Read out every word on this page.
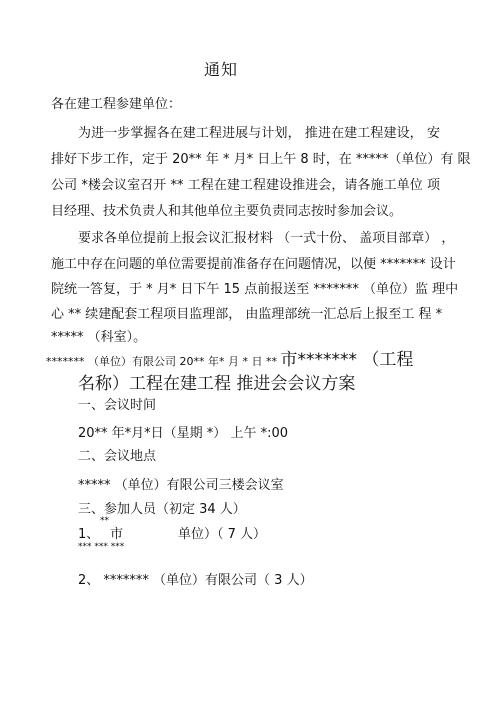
通知
各在建工程参建单位：
为进一步掌握各在建工程进展与计划， 推进在建工程建设， 安
排好下步工作，定于 20** 年 * 月* 日上午 8 时，在 *****（单位）有 限
公司 *楼会议室召开 ** 工程在建工程建设推进会，请各施工单位 项
目经理、技术负责人和其他单位主要负责同志按时参加会议。
要求各单位提前上报会议汇报材料 （一式十份、 盖项目部章） ，
施工中存在问题的单位需要提前准备存在问题情况，以便 ******* 设计
院统一答复，于 * 月* 日下午 15 点前报送至 ******* （单位）监 理中
心 ** 续建配套工程项目监理部， 由监理部统一汇总后上报至工 程 *
***** （科室）。
******* （单位）有限公司 20** 年* 月 * 日 ** 市******* （工程
名称）工程在建工程 推进会会议方案
一、会议时间
20** 年*月*日（星期 *） 上午 *:00
二、会议地点
***** （单位）有限公司三楼会议室
三、参加人员（初定 34 人）
**
1、 市	单位）（ 7 人）
*** *** ***
2、 ******* （单位）有限公司（ 3 人）
